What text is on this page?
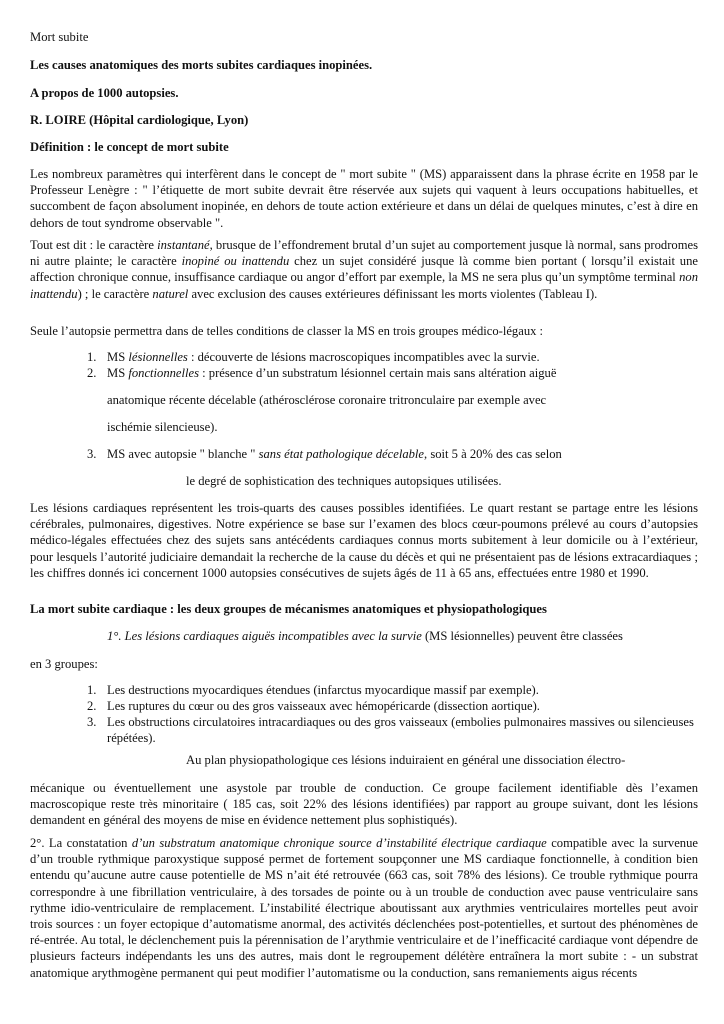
Mort subite

Les causes anatomiques des morts subites cardiaques inopinées.

A propos de 1000 autopsies.

R. LOIRE (Hôpital cardiologique, Lyon)

Définition : le concept de mort subite

Les nombreux paramètres qui interfèrent dans le concept de " mort subite " (MS) apparaissent dans la phrase écrite en 1958 par le Professeur Lenègre : " l’étiquette de mort subite devrait être réservée aux sujets qui vaquent à leurs occupations habituelles, et succombent de façon absolument inopinée, en dehors de toute action extérieure et dans un délai de quelques minutes, c’est à dire en dehors de tout syndrome observable ".

Tout est dit : le caractère instantané, brusque de l’effondrement brutal d’un sujet au comportement jusque là normal, sans prodromes ni autre plainte; le caractère inopiné ou inattendu chez un sujet considéré jusque là comme bien portant ( lorsqu’il existait une affection chronique connue, insuffisance cardiaque ou angor d’effort par exemple, la MS ne sera plus qu’un symptôme terminal non inattendu) ; le caractère naturel avec exclusion des causes extérieures définissant les morts violentes (Tableau I).

Seule l’autopsie permettra dans de telles conditions de classer la MS en trois groupes médico-légaux :

1. MS lésionnelles : découverte de lésions macroscopiques incompatibles avec la survie.
2. MS fonctionnelles : présence d’un substratum lésionnel certain mais sans altération aiguë

anatomique récente décelable (athérosclérose coronaire tritronculaire par exemple avec

ischémie silencieuse).

3. MS avec autopsie " blanche " sans état pathologique décelable, soit 5 à 20% des cas selon

le degré de sophistication des techniques autopsiques utilisées.

Les lésions cardiaques représentent les trois-quarts des causes possibles identifiées. Le quart restant se partage entre les lésions cérébrales, pulmonaires, digestives. Notre expérience se base sur l’examen des blocs cœur-poumons prélevé au cours d’autopsies médico-légales effectuées chez des sujets sans antécédents cardiaques connus morts subitement à leur domicile ou à l’extérieur, pour lesquels l’autorité judiciaire demandait la recherche de la cause du décès et qui ne présentaient pas de lésions extracardiaques ; les chiffres donnés ici concernent 1000 autopsies consécutives de sujets âgés de 11 à 65 ans, effectuées entre 1980 et 1990.

La mort subite cardiaque : les deux groupes de mécanismes anatomiques et physiopathologiques

1°. Les lésions cardiaques aiguës incompatibles avec la survie (MS lésionnelles) peuvent être classées

en 3 groupes:

1. Les destructions myocardiques étendues (infarctus myocardique massif par exemple).
2. Les ruptures du cœur ou des gros vaisseaux avec hémopéricarde (dissection aortique).
3. Les obstructions circulatoires intracardiaques ou des gros vaisseaux (embolies pulmonaires massives ou silencieuses répétées).

Au plan physiopathologique ces lésions induiraient en général une dissociation électro-

mécanique ou éventuellement une asystole par trouble de conduction. Ce groupe facilement identifiable dès l’examen macroscopique reste très minoritaire ( 185 cas, soit 22% des lésions identifiées) par rapport au groupe suivant, dont les lésions demandent en général des moyens de mise en évidence nettement plus sophistiqués).

2°. La constatation d’un substratum anatomique chronique source d’instabilité électrique cardiaque compatible avec la survenue d’un trouble rythmique paroxystique supposé permet de fortement soupçonner une MS cardiaque fonctionnelle, à condition bien entendu qu’aucune autre cause potentielle de MS n’ait été retrouvée (663 cas, soit 78% des lésions). Ce trouble rythmique pourra correspondre à une fibrillation ventriculaire, à des torsades de pointe ou à un trouble de conduction avec pause ventriculaire sans rythme idio-ventriculaire de remplacement. L’instabilité électrique aboutissant aux arythmies ventriculaires mortelles peut avoir trois sources : un foyer ectopique d’automatisme anormal, des activités déclenchées post-potentielles, et surtout des phénomènes de ré-entrée. Au total, le déclenchement puis la pérennisation de l’arythmie ventriculaire et de l’inefficacité cardiaque vont dépendre de plusieurs facteurs indépendants les uns des autres, mais dont le regroupement délétère entraînera la mort subite : - un substrat anatomique arythmogène permanent qui peut modifier l’automatisme ou la conduction, sans remaniements aigus récents
